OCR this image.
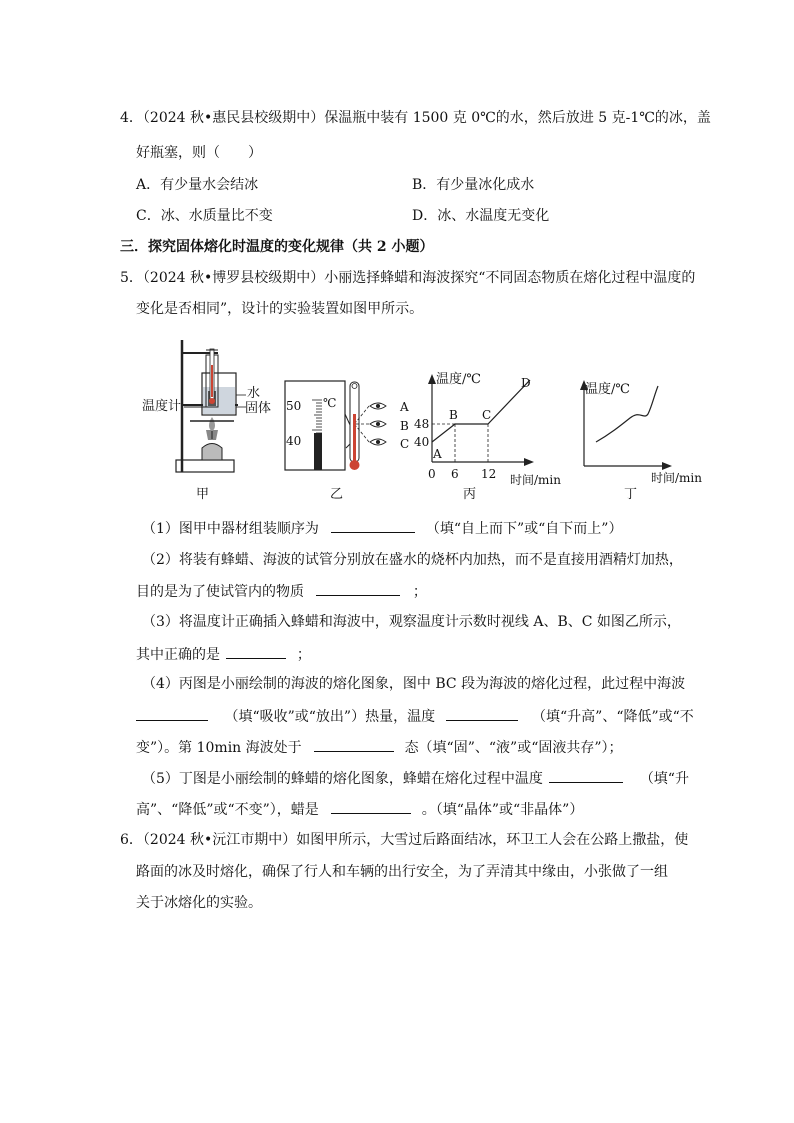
4．（2024 秋•惠民县校级期中）保温瓶中装有 1500 克 0℃的水，然后放进 5 克-1℃的冰，盖
好瓶塞，则（　　）
A．有少量水会结冰	B．有少量冰化成水
C．冰、水质量比不变	D．冰、水温度无变化
三．探究固体熔化时温度的变化规律（共 2 小题）
5．（2024 秋•博罗县校级期中）小丽选择蜂蜡和海波探究“不同固态物质在熔化过程中温度的
变化是否相同”，设计的实验装置如图甲所示。
温度计
水
固体
甲
50
40
℃	A
B
C
乙
温度/℃
时间/min
48
40
0 6 12
A
B C
D
丙
温度/℃
时间/min
丁
（1）图甲中器材组装顺序为	（填“自上而下”或“自下而上”）
（2）将装有蜂蜡、海波的试管分别放在盛水的烧杯内加热，而不是直接用酒精灯加热，
目的是为了使试管内的物质	；
（3）将温度计正确插入蜂蜡和海波中，观察温度计示数时视线 A、B、C 如图乙所示，
其中正确的是	；
（4）丙图是小丽绘制的海波的熔化图象，图中 BC 段为海波的熔化过程，此过程中海波
（填“吸收”或“放出”）热量，温度	（填“升高”、“降低”或“不
变”）。第 10min 海波处于	态（填“固”、“液”或“固液共存”）；
（5）丁图是小丽绘制的蜂蜡的熔化图象，蜂蜡在熔化过程中温度	（填“升
高”、“降低”或“不变”），蜡是	。（填“晶体”或“非晶体”）
6．（2024 秋•沅江市期中）如图甲所示，大雪过后路面结冰，环卫工人会在公路上撒盐，使
路面的冰及时熔化，确保了行人和车辆的出行安全，为了弄清其中缘由，小张做了一组
关于冰熔化的实验。
